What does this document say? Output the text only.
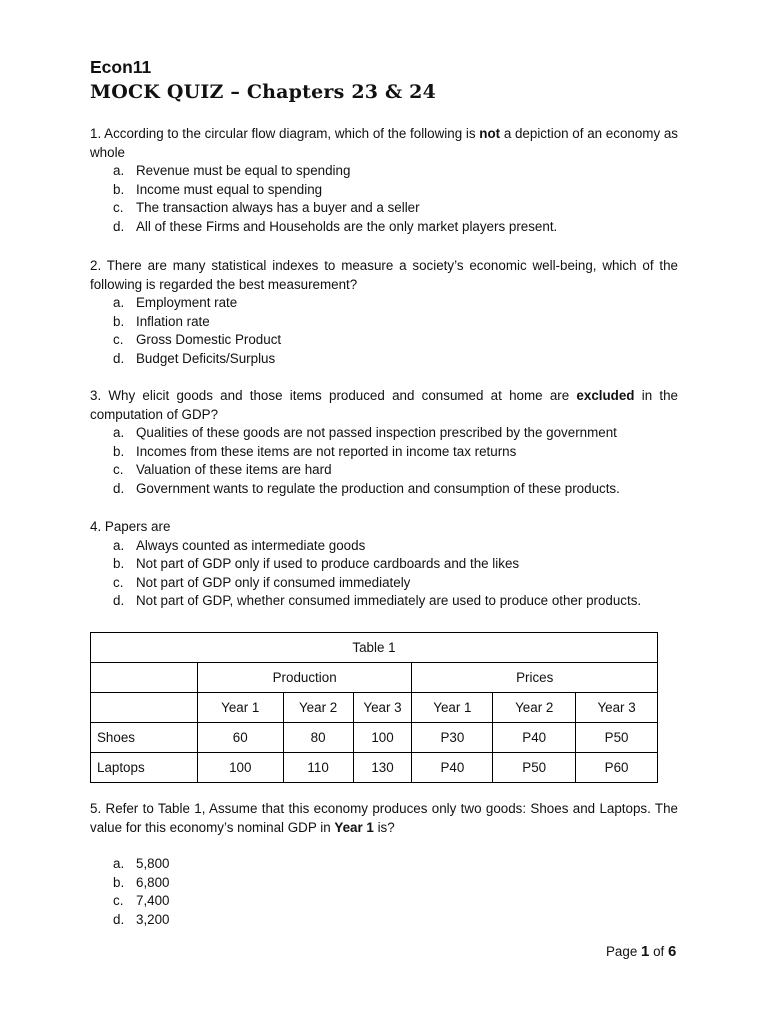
Econ11
MOCK QUIZ – Chapters 23 & 24

1. According to the circular flow diagram, which of the following is not a depiction of an economy as whole

a. Revenue must be equal to spending
b. Income must equal to spending
c. The transaction always has a buyer and a seller
d. All of these Firms and Households are the only market players present.

2. There are many statistical indexes to measure a society’s economic well-being, which of the following is regarded the best measurement?

a. Employment rate
b. Inflation rate
c. Gross Domestic Product
d. Budget Deficits/Surplus

3. Why elicit goods and those items produced and consumed at home are excluded in the computation of GDP?

a. Qualities of these goods are not passed inspection prescribed by the government
b. Incomes from these items are not reported in income tax returns
c. Valuation of these items are hard
d. Government wants to regulate the production and consumption of these products.

4. Papers are

a. Always counted as intermediate goods
b. Not part of GDP only if used to produce cardboards and the likes
c. Not part of GDP only if consumed immediately
d. Not part of GDP, whether consumed immediately are used to produce other products.
Table 1						
	Production			Prices		
	Year 1	Year 2	Year 3	Year 1	Year 2	Year 3
Shoes	60	80	100	P30	P40	P50
Laptops	100	110	130	P40	P50	P60

5. Refer to Table 1, Assume that this economy produces only two goods: Shoes and Laptops. The value for this economy’s nominal GDP in Year 1 is?

a. 5,800
b. 6,800
c. 7,400
d. 3,200
Page 1 of 6
